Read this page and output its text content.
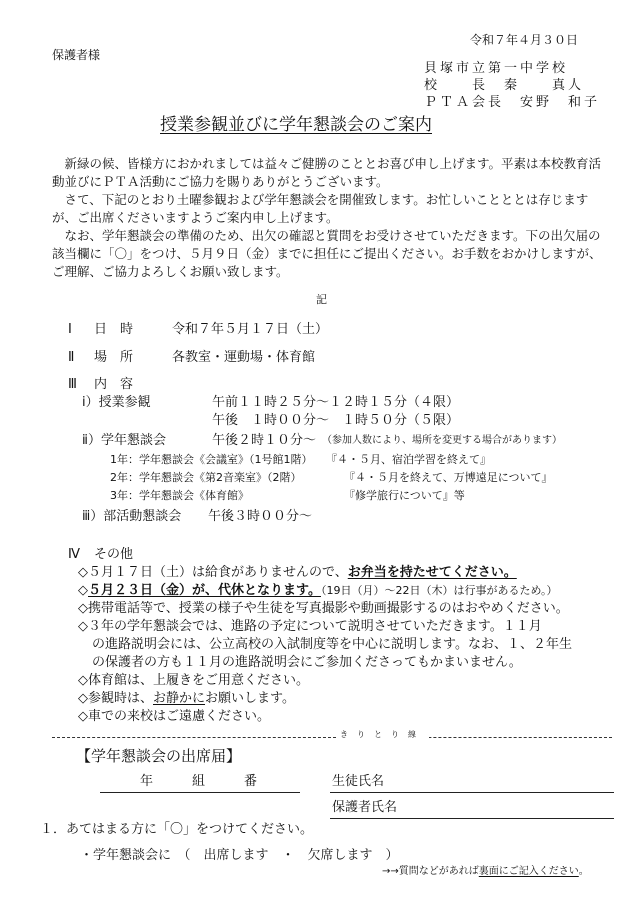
令和７年４月３０日
保護者様
貝塚市立第一中学校
校　　長　秦　　真人
ＰＴＡ会長　安野　和子
授業参観並びに学年懇談会のご案内
新緑の候、皆様方におかれましては益々ご健勝のこととお喜び申し上げます。平素は本校教育活動並びにＰＴＡ活動にご協力を賜りありがとうございます。
さて、下記のとおり土曜参観および学年懇談会を開催致します。お忙しいことととは存じますが、ご出席くださいますようご案内申し上げます。
なお、学年懇談会の準備のため、出欠の確認と質問をお受けさせていただきます。下の出欠届の該当欄に「〇」をつけ、５月９日（金）までに担任にご提出ください。お手数をおかけしますが、ご理解、ご協力よろしくお願い致します。
記
Ⅰ 日　時	令和７年５月１７日（土）
Ⅱ 場　所	各教室・運動場・体育館
Ⅲ 内　容
ⅰ）授業参観	午前１１時２５分～１２時１５分（４限）
午後　１時００分～　１時５０分（５限）
ⅱ）学年懇談会	午後２時１０分～ （参加人数により、場所を変更する場合があります）
1年：学年懇談会《会議室》（1号館1階） 『４・５月、宿泊学習を終えて』
2年：学年懇談会《第2音楽室》（2階）	『４・５月を終えて、万博遠足について』
3年：学年懇談会《体育館》	『修学旅行について』等
ⅲ）部活動懇談会 午後３時００分～
Ⅳ その他
◇５月１７日（土）は給食がありませんので、お弁当を持たせてください。
◇５月２３日（金）が、代休となります。（19日（月）～22日（木）は行事があるため。）
◇携帯電話等で、授業の様子や生徒を写真撮影や動画撮影するのはおやめください。
◇３年の学年懇談会では、進路の予定について説明させていただきます。１１月
の進路説明会には、公立高校の入試制度等を中心に説明します。なお、１、２年生
の保護者の方も１１月の進路説明会にご参加くださってもかまいません。
◇体育館は、上履きをご用意ください。
◇参観時は、お静かにお願いします。
◇車での来校はご遠慮ください。
きりとり線
【学年懇談会の出席届】
年　　　組　　　番	生徒氏名
保護者氏名
１．あてはまる方に「〇」をつけてください。
・学年懇談会に　（　出席します　・　欠席します　）
→→質問などがあれば裏面にご記入ください。
